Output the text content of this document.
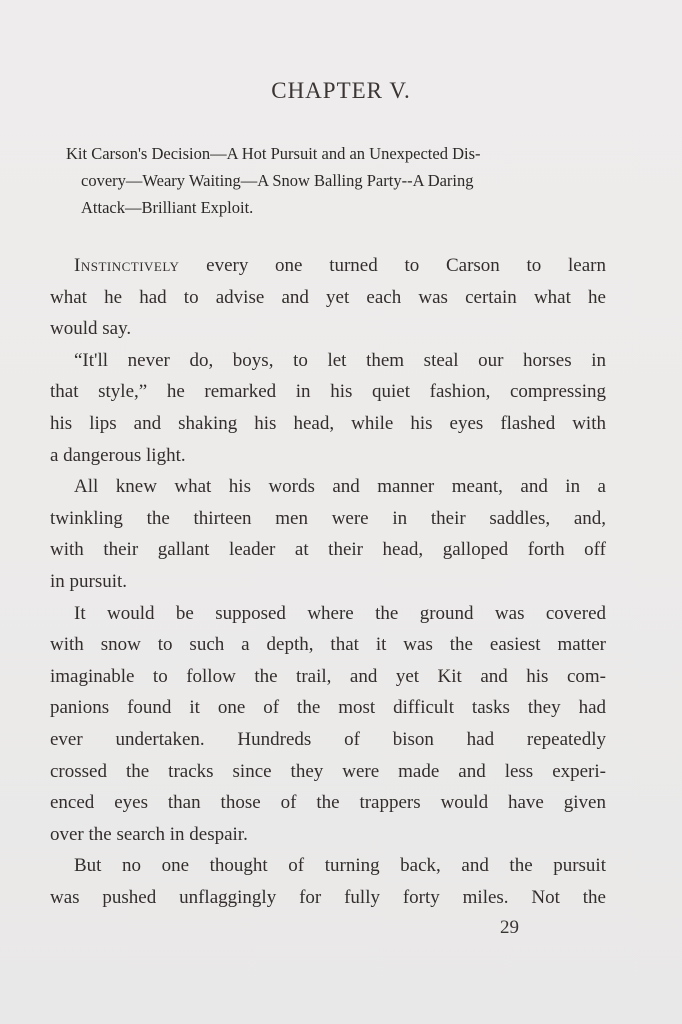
CHAPTER V.

Kit Carson's Decision—A Hot Pursuit and an Unexpected Dis-

covery—Weary Waiting—A Snow Balling Party--A Daring

Attack—Brilliant Exploit.

Instinctively every one turned to Carson to learn
what he had to advise and yet each was certain what he
would say.
“It'll never do, boys, to let them steal our horses in
that style,” he remarked in his quiet fashion, compressing
his lips and shaking his head, while his eyes flashed with
a dangerous light.
All knew what his words and manner meant, and in a
twinkling the thirteen men were in their saddles, and,
with their gallant leader at their head, galloped forth off
in pursuit.
It would be supposed where the ground was covered
with snow to such a depth, that it was the easiest matter
imaginable to follow the trail, and yet Kit and his com-
panions found it one of the most difficult tasks they had
ever undertaken. Hundreds of bison had repeatedly
crossed the tracks since they were made and less experi-
enced eyes than those of the trappers would have given
over the search in despair.
But no one thought of turning back, and the pursuit
was pushed unflaggingly for fully forty miles. Not the
29
